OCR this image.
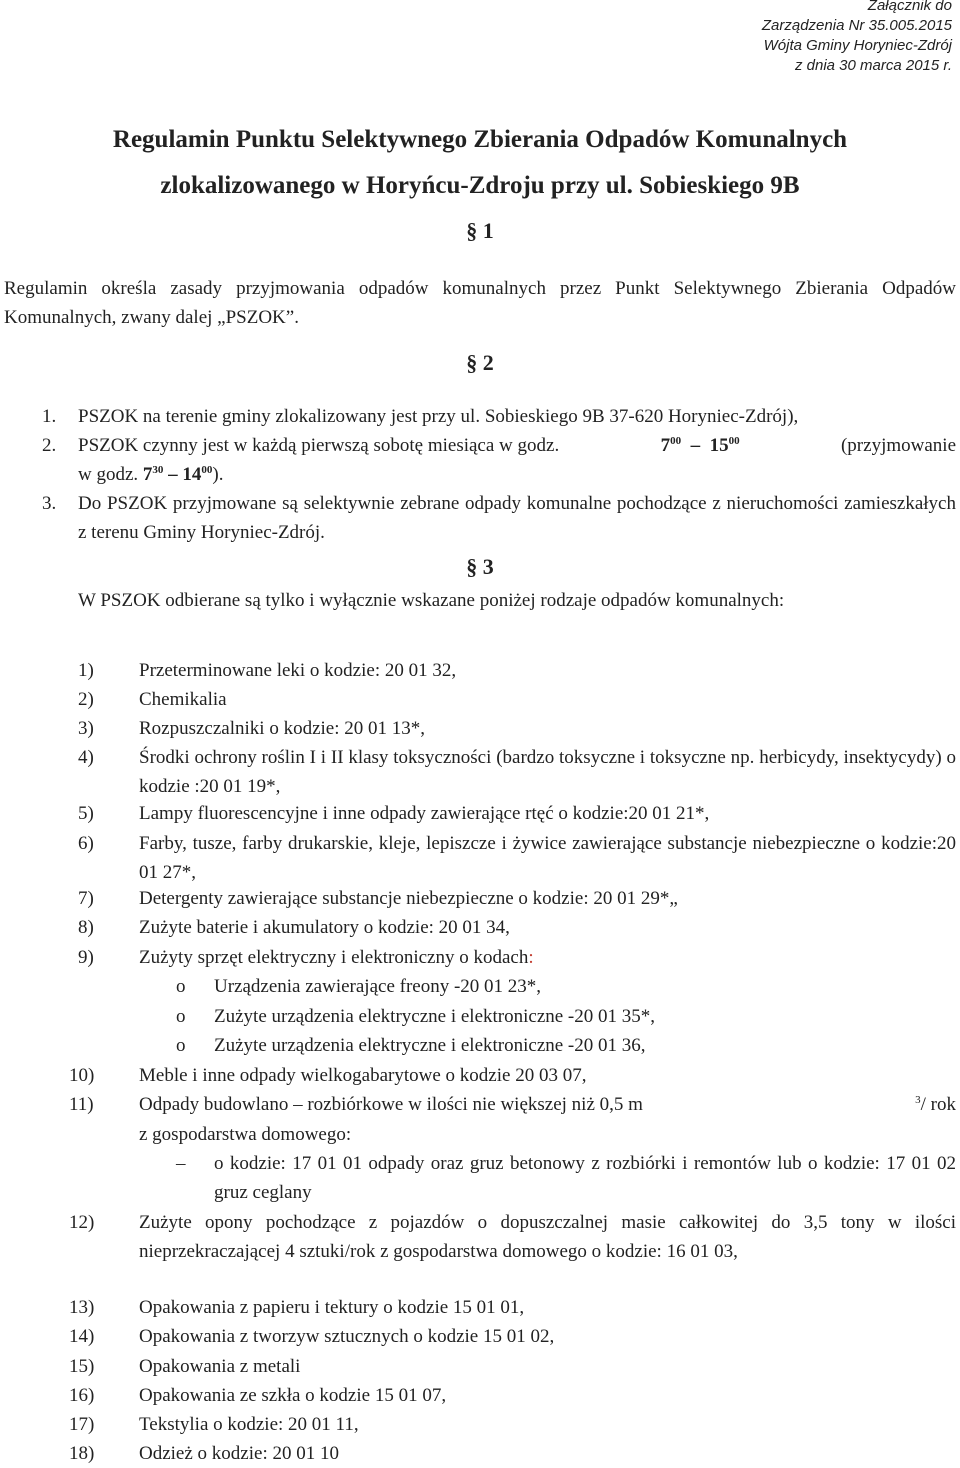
Załącznik do
Zarządzenia Nr 35.005.2015
Wójta Gminy Horyniec-Zdrój
z dnia 30 marca 2015 r.
Regulamin Punktu Selektywnego Zbierania Odpadów Komunalnych
zlokalizowanego w Horyńcu-Zdroju przy ul. Sobieskiego 9B
§ 1
Regulamin określa zasady przyjmowania odpadów komunalnych przez Punkt Selektywnego Zbierania Odpadów Komunalnych, zwany dalej „PSZOK”.
§ 2
1. PSZOK na terenie gminy zlokalizowany jest przy ul. Sobieskiego 9B 37-620 Horyniec-Zdrój),
2. PSZOK czynny jest w każdą pierwszą sobotę miesiąca w godz.	$7^{00} - 15^{00}$	(przyjmowanie
w godz. $7^{30} - 14^{00}$).
3. Do PSZOK przyjmowane są selektywnie zebrane odpady komunalne pochodzące z nieruchomości zamieszkałych z terenu Gminy Horyniec-Zdrój.
§ 3
W PSZOK odbierane są tylko i wyłącznie wskazane poniżej rodzaje odpadów komunalnych:
1) Przeterminowane leki o kodzie: 20 01 32,
2) Chemikalia
3) Rozpuszczalniki o kodzie: 20 01 13*,
4) Środki ochrony roślin I i II klasy toksyczności (bardzo toksyczne i toksyczne np. herbicydy, insektycydy) o kodzie :20 01 19*,
5) Lampy fluorescencyjne i inne odpady zawierające rtęć o kodzie:20 01 21*,
6) Farby, tusze, farby drukarskie, kleje, lepiszcze i żywice zawierające substancje niebezpieczne o kodzie:20 01 27*,
7) Detergenty zawierające substancje niebezpieczne o kodzie: 20 01 29*„
8) Zużyte baterie i akumulatory o kodzie: 20 01 34,
9) Zużyty sprzęt elektryczny i elektroniczny o kodach:
o Urządzenia zawierające freony -20 01 23*,
o Zużyte urządzenia elektryczne i elektroniczne -20 01 35*,
o Zużyte urządzenia elektryczne i elektroniczne -20 01 36,
10) Meble i inne odpady wielkogabarytowe o kodzie 20 03 07,
11) Odpady budowlano – rozbiórkowe w ilości nie większej niż 0,5 m	$^3$/ rok
z gospodarstwa domowego:
– o kodzie: 17 01 01 odpady oraz gruz betonowy z rozbiórki i remontów lub o kodzie: 17 01 02 gruz ceglany
12) Zużyte opony pochodzące z pojazdów o dopuszczalnej masie całkowitej do 3,5 tony w ilości nieprzekraczającej 4 sztuki/rok z gospodarstwa domowego o kodzie: 16 01 03,
13) Opakowania z papieru i tektury o kodzie 15 01 01,
14) Opakowania z tworzyw sztucznych o kodzie 15 01 02,
15) Opakowania z metali
16) Opakowania ze szkła o kodzie 15 01 07,
17) Tekstylia o kodzie: 20 01 11,
18) Odzież o kodzie: 20 01 10
